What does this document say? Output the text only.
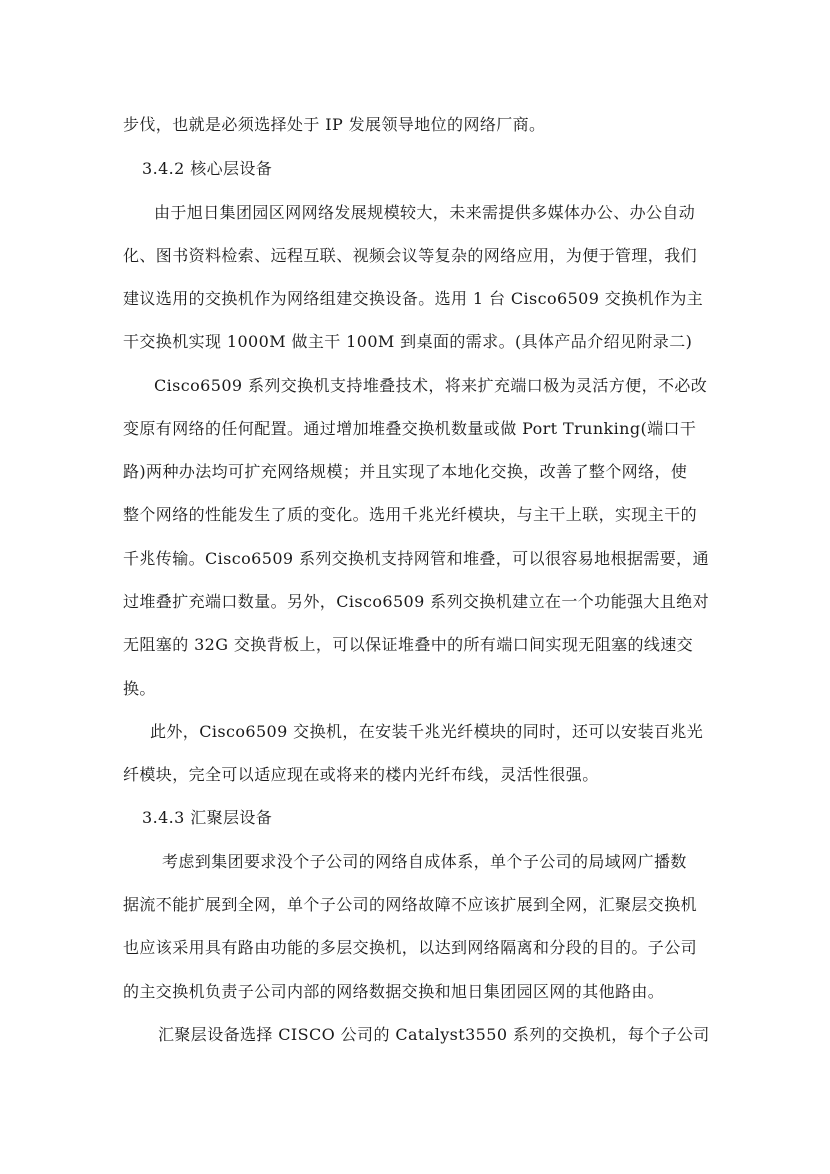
步伐，也就是必须选择处于 IP 发展领导地位的网络厂商。
3.4.2 核心层设备
由于旭日集团园区网网络发展规模较大，未来需提供多媒体办公、办公自动
化、图书资料检索、远程互联、视频会议等复杂的网络应用，为便于管理，我们
建议选用的交换机作为网络组建交换设备。选用 1 台 Cisco6509 交换机作为主
干交换机实现 1000M 做主干 100M 到桌面的需求。(具体产品介绍见附录二)
Cisco6509 系列交换机支持堆叠技术，将来扩充端口极为灵活方便，不必改
变原有网络的任何配置。通过增加堆叠交换机数量或做 Port Trunking(端口干
路)两种办法均可扩充网络规模；并且实现了本地化交换，改善了整个网络，使
整个网络的性能发生了质的变化。选用千兆光纤模块，与主干上联，实现主干的
千兆传输。Cisco6509 系列交换机支持网管和堆叠，可以很容易地根据需要，通
过堆叠扩充端口数量。另外，Cisco6509 系列交换机建立在一个功能强大且绝对
无阻塞的 32G 交换背板上，可以保证堆叠中的所有端口间实现无阻塞的线速交
换。
此外，Cisco6509 交换机，在安装千兆光纤模块的同时，还可以安装百兆光
纤模块，完全可以适应现在或将来的楼内光纤布线，灵活性很强。
3.4.3 汇聚层设备
考虑到集团要求没个子公司的网络自成体系，单个子公司的局域网广播数
据流不能扩展到全网，单个子公司的网络故障不应该扩展到全网，汇聚层交换机
也应该采用具有路由功能的多层交换机，以达到网络隔离和分段的目的。子公司
的主交换机负责子公司内部的网络数据交换和旭日集团园区网的其他路由。
汇聚层设备选择 CISCO 公司的 Catalyst3550 系列的交换机，每个子公司
